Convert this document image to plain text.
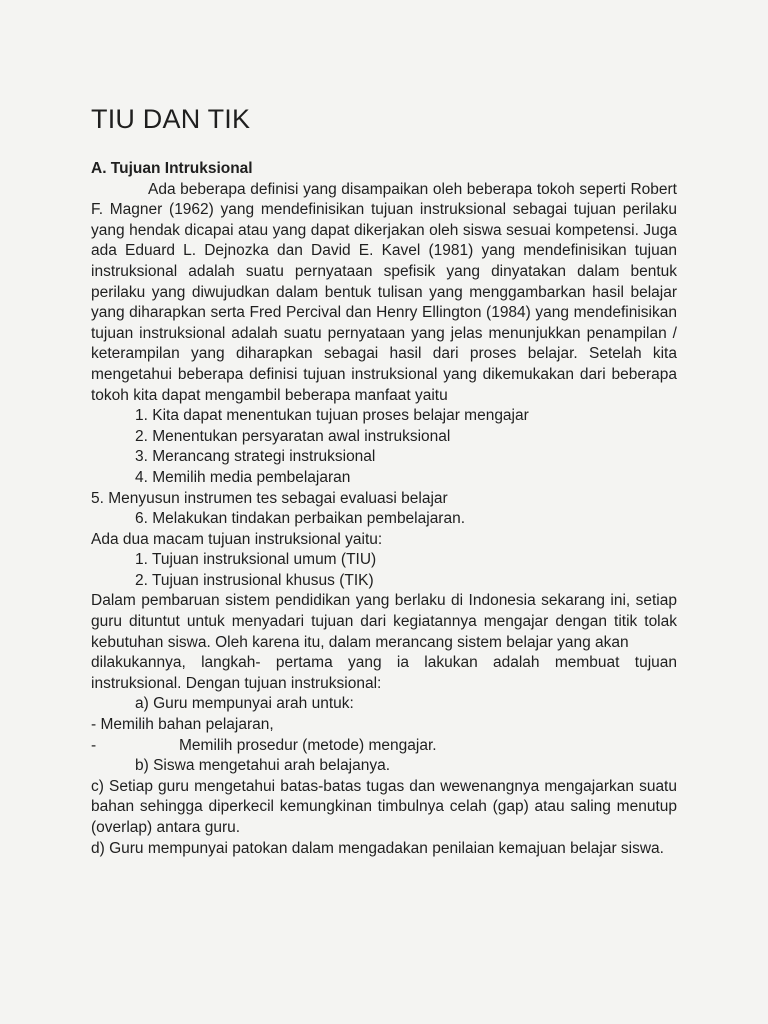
TIU DAN TIK

A. Tujuan Intruksional

Ada beberapa definisi yang disampaikan oleh beberapa tokoh seperti Robert F. Magner (1962) yang mendefinisikan tujuan instruksional sebagai tujuan perilaku yang hendak dicapai atau yang dapat dikerjakan oleh siswa sesuai kompetensi. Juga ada Eduard L. Dejnozka dan David E. Kavel (1981) yang mendefinisikan tujuan instruksional adalah suatu pernyataan spefisik yang dinyatakan dalam bentuk perilaku yang diwujudkan dalam bentuk tulisan yang menggambarkan hasil belajar yang diharapkan serta Fred Percival dan Henry Ellington (1984) yang mendefinisikan tujuan instruksional adalah suatu pernyataan yang jelas menunjukkan penampilan / keterampilan yang diharapkan sebagai hasil dari proses belajar. Setelah kita mengetahui beberapa definisi tujuan instruksional yang dikemukakan dari beberapa tokoh kita dapat mengambil beberapa manfaat yaitu

1. Kita dapat menentukan tujuan proses belajar mengajar

2. Menentukan persyaratan awal instruksional

3. Merancang strategi instruksional

4. Memilih media pembelajaran

5. Menyusun instrumen tes sebagai evaluasi belajar

6. Melakukan tindakan perbaikan pembelajaran.

Ada dua macam tujuan instruksional yaitu:

1. Tujuan instruksional umum (TIU)

2. Tujuan instrusional khusus (TIK)

Dalam pembaruan sistem pendidikan yang berlaku di Indonesia sekarang ini, setiap guru dituntut untuk menyadari tujuan dari kegiatannya mengajar dengan titik tolak kebutuhan siswa. Oleh karena itu, dalam merancang sistem belajar yang akan

dilakukannya, langkah- pertama yang ia lakukan adalah membuat tujuan instruksional. Dengan tujuan instruksional:

a) Guru mempunyai arah untuk:

- Memilih bahan pelajaran,

-	Memilih prosedur (metode) mengajar.

b) Siswa mengetahui arah belajanya.

c) Setiap guru mengetahui batas-batas tugas dan wewenangnya mengajarkan suatu bahan sehingga diperkecil kemungkinan timbulnya celah (gap) atau saling menutup (overlap) antara guru.

d) Guru mempunyai patokan dalam mengadakan penilaian kemajuan belajar siswa.
